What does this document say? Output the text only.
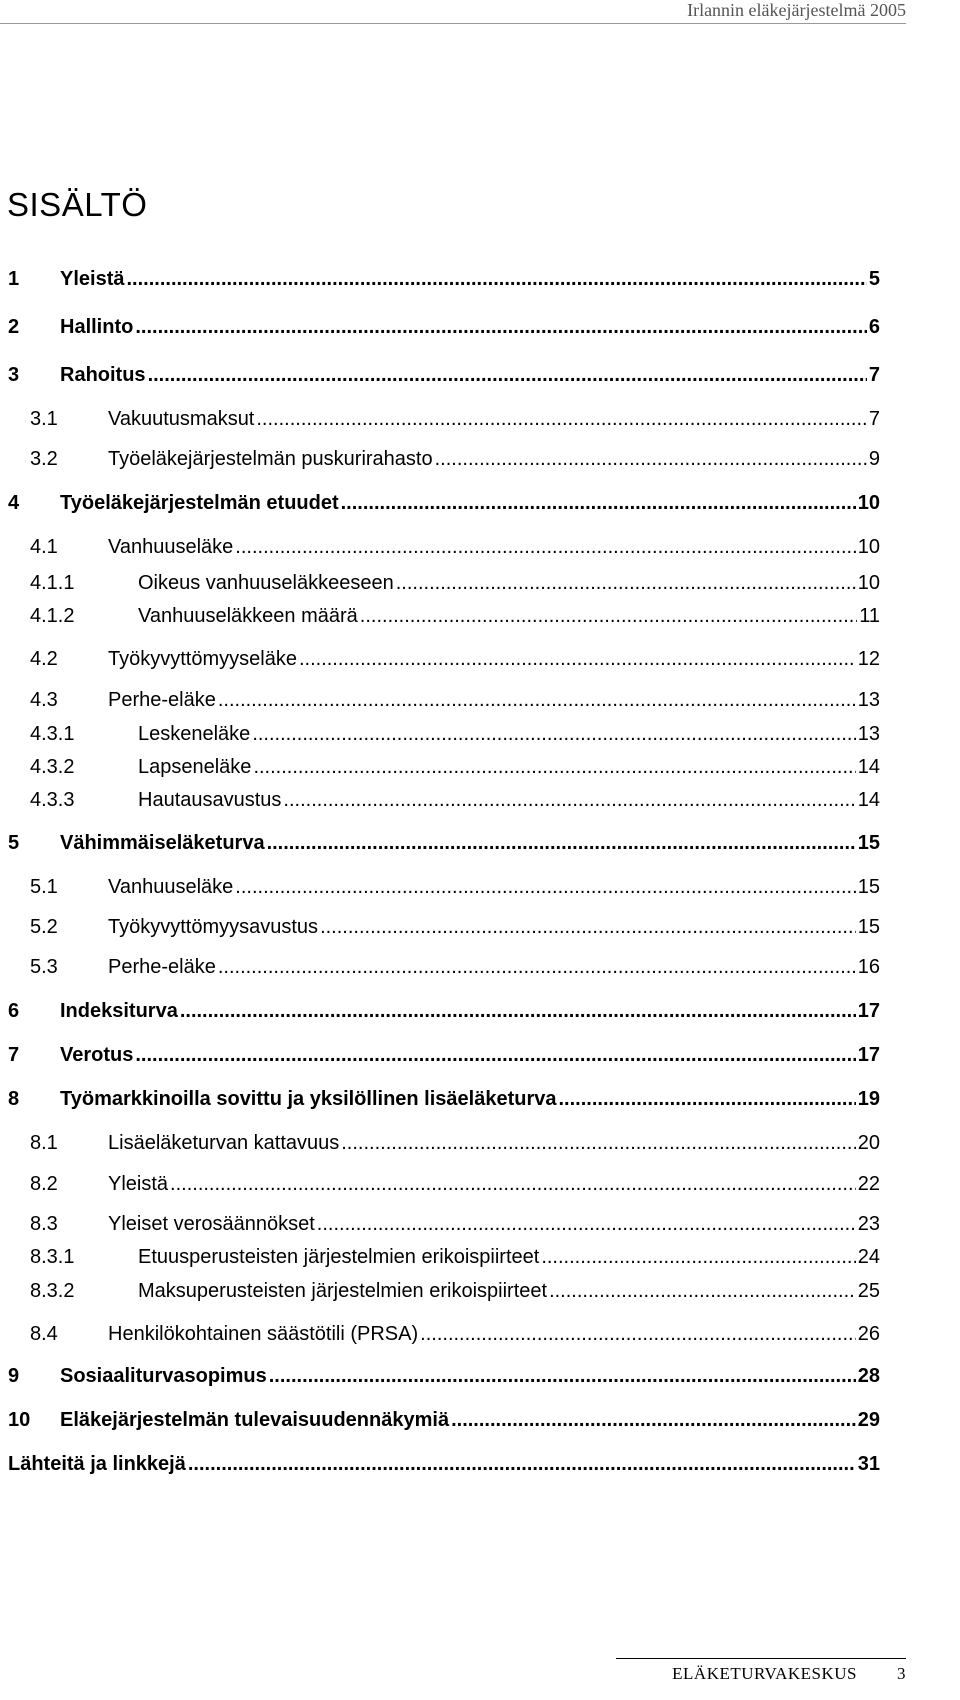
Irlannin eläkejärjestelmä 2005
SISÄLTÖ
1	Yleistä .....	5
2	Hallinto .....	6
3	Rahoitus .....	7
3.1	Vakuutusmaksut .....	7
3.2	Työeläkejärjestelmän puskurirahasto .....	9
4	Työeläkejärjestelmän etuudet .....	10
4.1	Vanhuuseläke .....	10
4.1.1	Oikeus vanhuuseläkkeeseen .....	10
4.1.2	Vanhuuseläkkeen määrä .....	11
4.2	Työkyvyttömyyseläke .....	12
4.3	Perhe-eläke .....	13
4.3.1	Leskeneläke .....	13
4.3.2	Lapseneläke .....	14
4.3.3	Hautausavustus .....	14
5	Vähimmäiseläketurva .....	15
5.1	Vanhuuseläke .....	15
5.2	Työkyvyttömyysavustus .....	15
5.3	Perhe-eläke .....	16
6	Indeksiturva .....	17
7	Verotus .....	17
8	Työmarkkinoilla sovittu ja yksilöllinen lisäeläketurva .....	19
8.1	Lisäeläketurvan kattavuus .....	20
8.2	Yleistä .....	22
8.3	Yleiset verosäännökset .....	23
8.3.1	Etuusperusteisten järjestelmien erikoispiirteet .....	24
8.3.2	Maksuperusteisten järjestelmien erikoispiirteet .....	25
8.4	Henkilökohtainen säästötili (PRSA) .....	26
9	Sosiaaliturvasopimus .....	28
10	Eläkejärjestelmän tulevaisuudennäkymiä .....	29
Lähteitä ja linkkejä .....	31
ELÄKETURVAKESKUS 3
